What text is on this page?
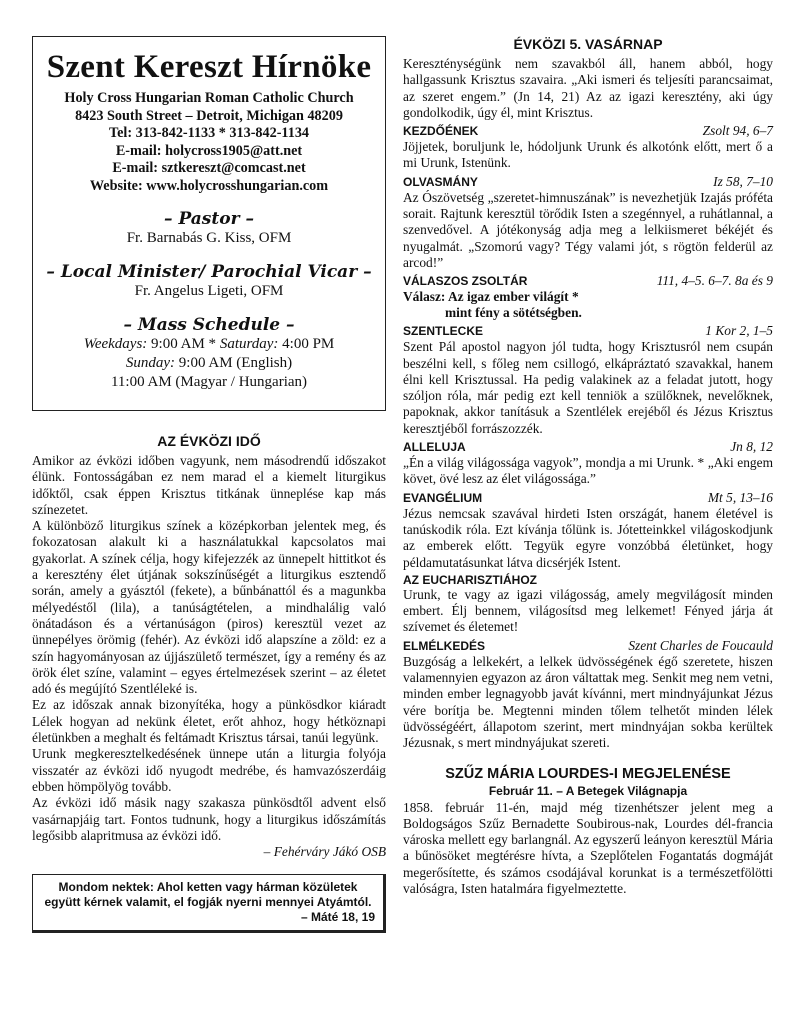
Szent Kereszt Hírnöke
Holy Cross Hungarian Roman Catholic Church
8423 South Street – Detroit, Michigan 48209
Tel: 313-842-1133 * 313-842-1134
E-mail: holycross1905@att.net
E-mail: sztkereszt@comcast.net
Website: www.holycrosshungarian.com
– Pastor –
Fr. Barnabás G. Kiss, OFM
– Local Minister/ Parochial Vicar –
Fr. Angelus Ligeti, OFM
– Mass Schedule –
Weekdays: 9:00 AM * Saturday: 4:00 PM
Sunday: 9:00 AM (English)
11:00 AM (Magyar / Hungarian)
AZ ÉVKÖZI IDŐ

Amikor az évközi időben vagyunk, nem másodrendű időszakot élünk. Fontosságában ez nem marad el a kiemelt liturgikus időktől, csak éppen Krisztus titkának ünneplése kap más színezetet.

A különböző liturgikus színek a középkorban jelentek meg, és fokozatosan alakult ki a használatukkal kapcsolatos mai gyakorlat. A színek célja, hogy kifejezzék az ünnepelt hittitkot és a keresztény élet útjának sokszínűségét a liturgikus esztendő során, amely a gyásztól (fekete), a bűnbánattól és a magunkba mélyedéstől (lila), a tanúságtételen, a mindhalálig való önátadáson és a vértanúságon (piros) keresztül vezet az ünnepélyes örömig (fehér). Az évközi idő alapszíne a zöld: ez a szín hagyományosan az újjászülető természet, így a remény és az örök élet színe, valamint – egyes értelmezések szerint – az életet adó és megújító Szentléleké is.

Ez az időszak annak bizonyítéka, hogy a pünkösdkor kiáradt Lélek hogyan ad nekünk életet, erőt ahhoz, hogy hétköznapi életünkben a meghalt és feltámadt Krisztus társai, tanúi legyünk.

Urunk megkeresztelkedésének ünnepe után a liturgia folyója visszatér az évközi idő nyugodt medrébe, és hamvazószerdáig ebben hömpölyög tovább.

Az évközi idő másik nagy szakasza pünkösdtől advent első vasárnapjáig tart. Fontos tudnunk, hogy a liturgikus időszámítás legősibb alapritmusa az évközi idő.

– Fehérváry Jákó OSB
Mondom nektek: Ahol ketten vagy hárman közületek együtt kérnek valamit, el fogják nyerni mennyei Atyámtól.
– Máté 18, 19
ÉVKÖZI 5. VASÁRNAP
Kereszténységünk nem szavakból áll, hanem abból, hogy hallgassunk Krisztus szavaira. „Aki ismeri és teljesíti parancsaimat, az szeret engem.” (Jn 14, 21) Az az igazi keresztény, aki úgy gondolkodik, úgy él, mint Krisztus.
KEZDŐÉNEK	Zsolt 94, 6–7
Jöjjetek, boruljunk le, hódoljunk Urunk és alkotónk előtt, mert ő a mi Urunk, Istenünk.
OLVASMÁNY	Iz 58, 7–10
Az Ószövetség „szeretet-himnuszának” is nevezhetjük Izajás próféta sorait. Rajtunk keresztül törődik Isten a szegénnyel, a ruhátlannal, a szenvedővel. A jótékonyság adja meg a lelkiismeret békéjét és nyugalmát. „Szomorú vagy? Tégy valami jót, s rögtön felderül az arcod!”
VÁLASZOS ZSOLTÁR	111, 4–5. 6–7. 8a és 9
Válasz: Az igaz ember világít *
mint fény a sötétségben.
SZENTLECKE	1 Kor 2, 1–5
Szent Pál apostol nagyon jól tudta, hogy Krisztusról nem csupán beszélni kell, s főleg nem csillogó, elkápráztató szavakkal, hanem élni kell Krisztussal. Ha pedig valakinek az a feladat jutott, hogy szóljon róla, már pedig ezt kell tenniök a szülőknek, nevelőknek, papoknak, akkor tanításuk a Szentlélek erejéből és Jézus Krisztus keresztjéből forrászozzék.
ALLELUJA	Jn 8, 12
„Én a világ világossága vagyok”, mondja a mi Urunk. * „Aki engem követ, övé lesz az élet világossága.”
EVANGÉLIUM	Mt 5, 13–16
Jézus nemcsak szavával hirdeti Isten országát, hanem életével is tanúskodik róla. Ezt kívánja tőlünk is. Jótetteinkkel világoskodjunk az emberek előtt. Tegyük egyre vonzóbbá életünket, hogy példamutatásunkat látva dicsérjék Istent.
AZ EUCHARISZTIÁHOZ
Urunk, te vagy az igazi világosság, amely megvilágosít minden embert. Élj bennem, világosítsd meg lelkemet! Fényed járja át szívemet és életemet!
ELMÉLKEDÉS	Szent Charles de Foucauld
Buzgóság a lelkekért, a lelkek üdvösségének égő szeretete, hiszen valamennyien egyazon az áron váltattak meg. Senkit meg nem vetni, minden ember legnagyobb javát kívánni, mert mindnyájunkat Jézus vére borítja be. Megtenni minden tőlem telhetőt minden lélek üdvösségéért, állapotom szerint, mert mindnyájan sokba kerültek Jézusnak, s mert mindnyájukat szereti.
SZŰZ MÁRIA LOURDES-I MEGJELENÉSE
Február 11. – A Betegek Világnapja
1858. február 11-én, majd még tizenhétszer jelent meg a Boldogságos Szűz Bernadette Soubirous-nak, Lourdes dél-francia városka mellett egy barlangnál. Az egyszerű leányon keresztül Mária a bűnösöket megtérésre hívta, a Szeplőtelen Fogantatás dogmáját megerősítette, és számos csodájával korunkat is a természetfölötti valóságra, Isten hatalmára figyelmeztette.
